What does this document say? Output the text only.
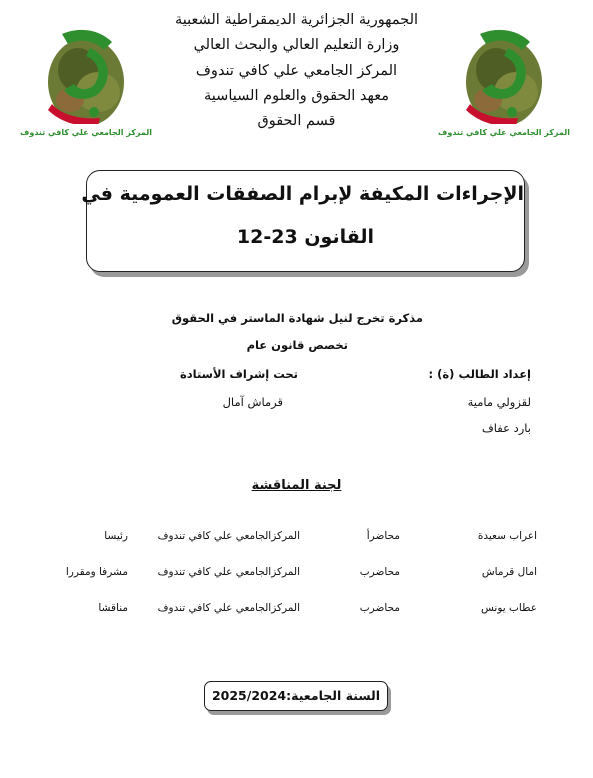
المركز الجامعي علي كافي تندوف	المركز الجامعي علي كافي تندوف
الجمهورية الجزائرية الديمقراطية الشعبية
وزارة التعليم العالي والبحث العالي
المركز الجامعي علي كافي تندوف
معهد الحقوق والعلوم السياسية
قسم الحقوق
الإجراءات المكيفة لإبرام الصفقات العمومية في
القانون 23-12
مذكرة تخرج لنيل شهادة الماستر في الحقوق
تخصص قانون عام
إعداد الطالب (ة) :
تحت إشراف الأستادة
لقزولي مامية
قرماش آمال
بارد عفاف
لجنة المناقشة
اعراب سعيدة
محاضرأ
المركزالجامعي علي كافي تندوف
رئيسا
امال قرماش
محاضرب
المركزالجامعي علي كافي تندوف
مشرفا ومقررا
عطاب يونس
محاضرب
المركزالجامعي علي كافي تندوف
مناقشا
السنة الجامعية:2025/2024
